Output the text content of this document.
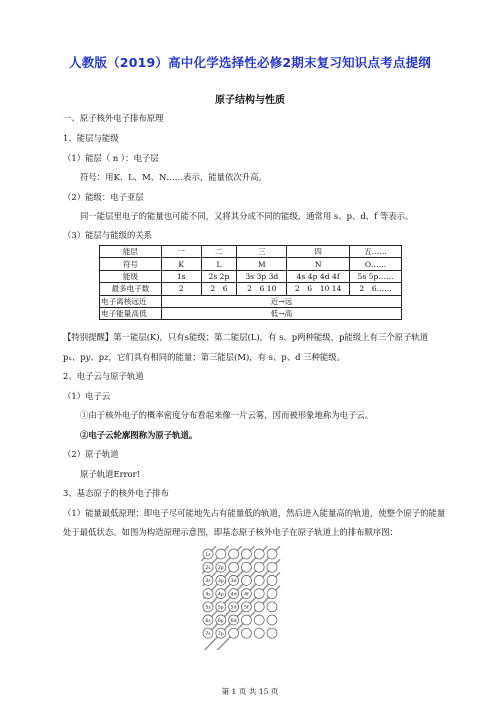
人教版（2019）高中化学选择性必修2期末复习知识点考点提纲
原子结构与性质
一、原子核外电子排布原理
1、能层与能级
（1）能层（ n ）：电子层
符号：用K、L、M、N……表示，能量依次升高。
（2）能级：电子亚层
同一能层里电子的能量也可能不同，又将其分成不同的能级，通常用 s、p、d、f 等表示。
（3）能层与能级的关系
能层	一	二	三	四	五……
符号	K	L	M	N	O……
能级	1s	2s 2p	3s 3p 3d	4s 4p 4d 4f	5s 5p……
最多电子数	2	2　6	2　6 10	2　6　10 14	2　6……
电子离核远近	近→远				
电子能量高低	低→高				
【特别提醒】第一能层(K)，只有s能级；第二能层(L)，有 s、p两种能级，p能级上有三个原子轨道
pₓ、p𝑦、p𝑧，它们具有相同的能量；第三能层(M)，有 s、p、d 三种能级。
2、电子云与原子轨道
（1）电子云
①由于核外电子的概率密度分布看起来像一片云雾，因而被形象地称为电子云。
②电子云轮廓图称为原子轨道。
（2）原子轨道
原子轨道Error!
3、基态原子的核外电子排布
（1）能量最低原理：即电子尽可能地先占有能量低的轨道，然后进入能量高的轨道，使整个原子的能量
处于最低状态。如图为构造原理示意图，即基态原子核外电子在原子轨道上的排布顺序图：
1s
2s 2p
3s 3p 3d
4s 4p 4d 4f
5s 5p 5d 5f
6s 6p 6d
7s 7p
第 1 页 共 15 页
